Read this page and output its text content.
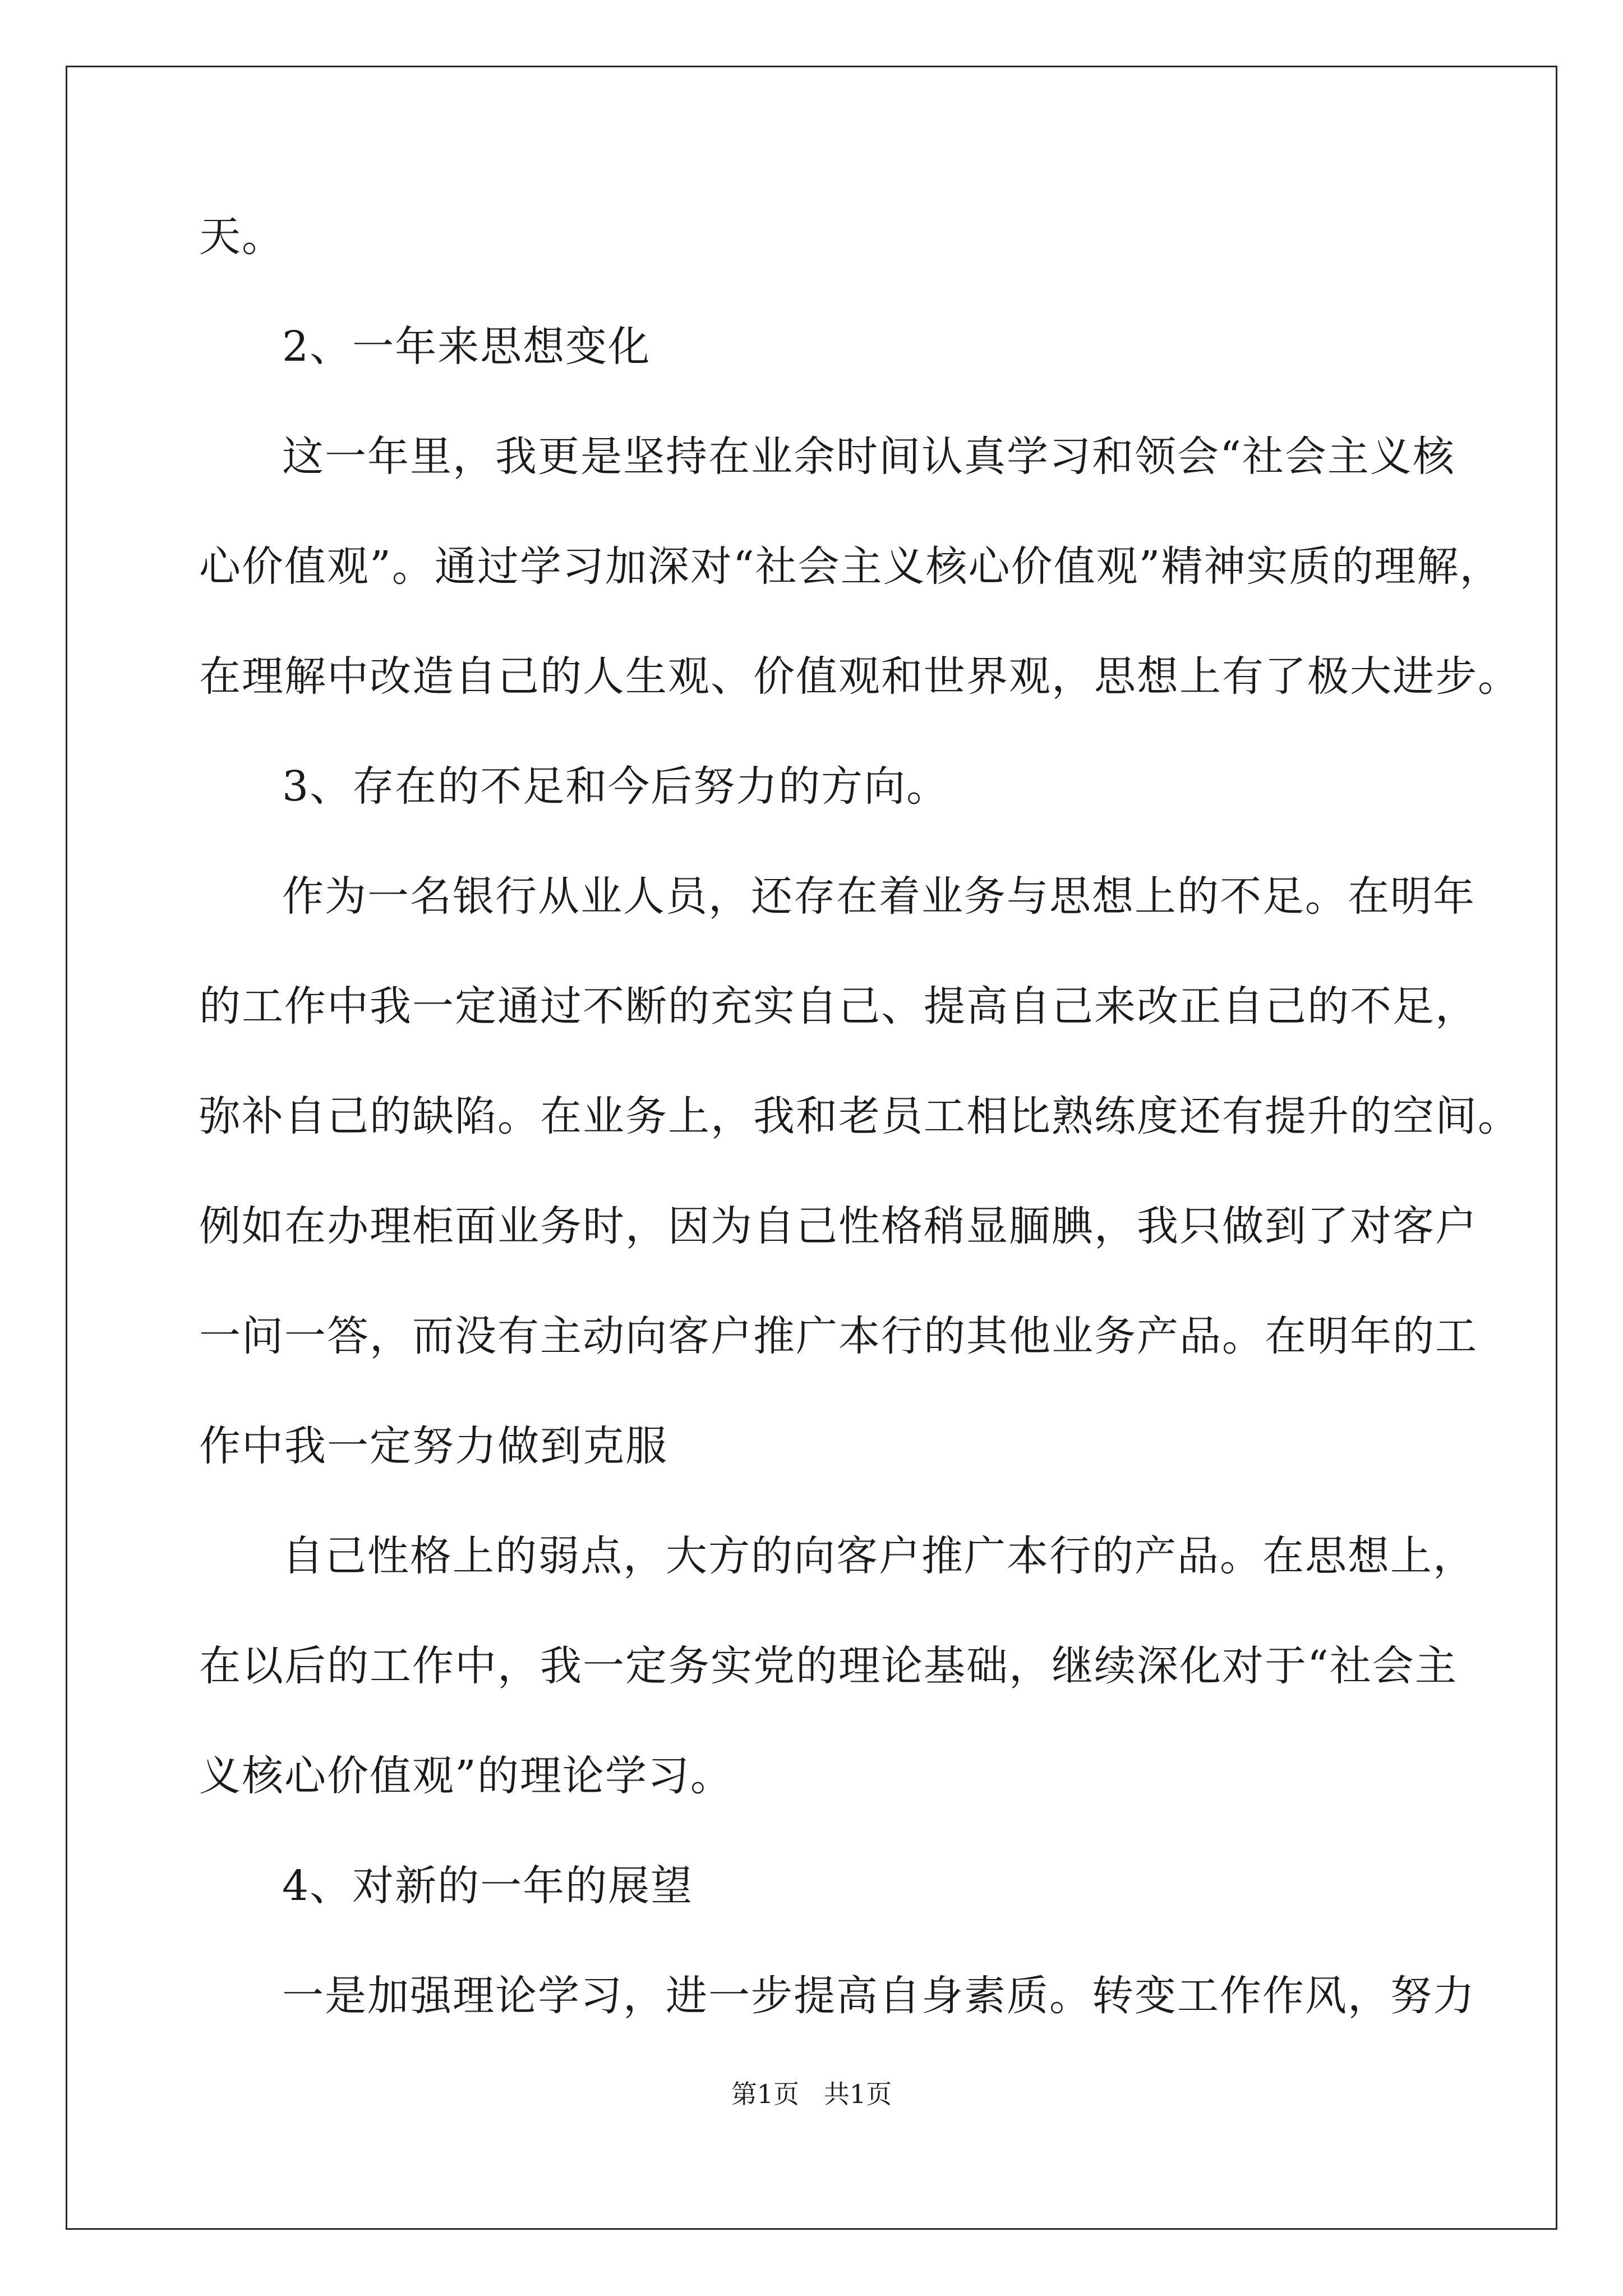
天。
2、一年来思想变化
这一年里，我更是坚持在业余时间认真学习和领会“社会主义核
心价值观”。通过学习加深对“社会主义核心价值观”精神实质的理解，
在理解中改造自己的人生观、价值观和世界观，思想上有了极大进步。
3、存在的不足和今后努力的方向。
作为一名银行从业人员，还存在着业务与思想上的不足。在明年
的工作中我一定通过不断的充实自己、提高自己来改正自己的不足，
弥补自己的缺陷。在业务上，我和老员工相比熟练度还有提升的空间。
例如在办理柜面业务时，因为自己性格稍显腼腆，我只做到了对客户
一问一答，而没有主动向客户推广本行的其他业务产品。在明年的工
作中我一定努力做到克服
自己性格上的弱点，大方的向客户推广本行的产品。在思想上，
在以后的工作中，我一定务实党的理论基础，继续深化对于“社会主
义核心价值观”的理论学习。
4、对新的一年的展望
一是加强理论学习，进一步提高自身素质。转变工作作风，努力
第1页   共1页
